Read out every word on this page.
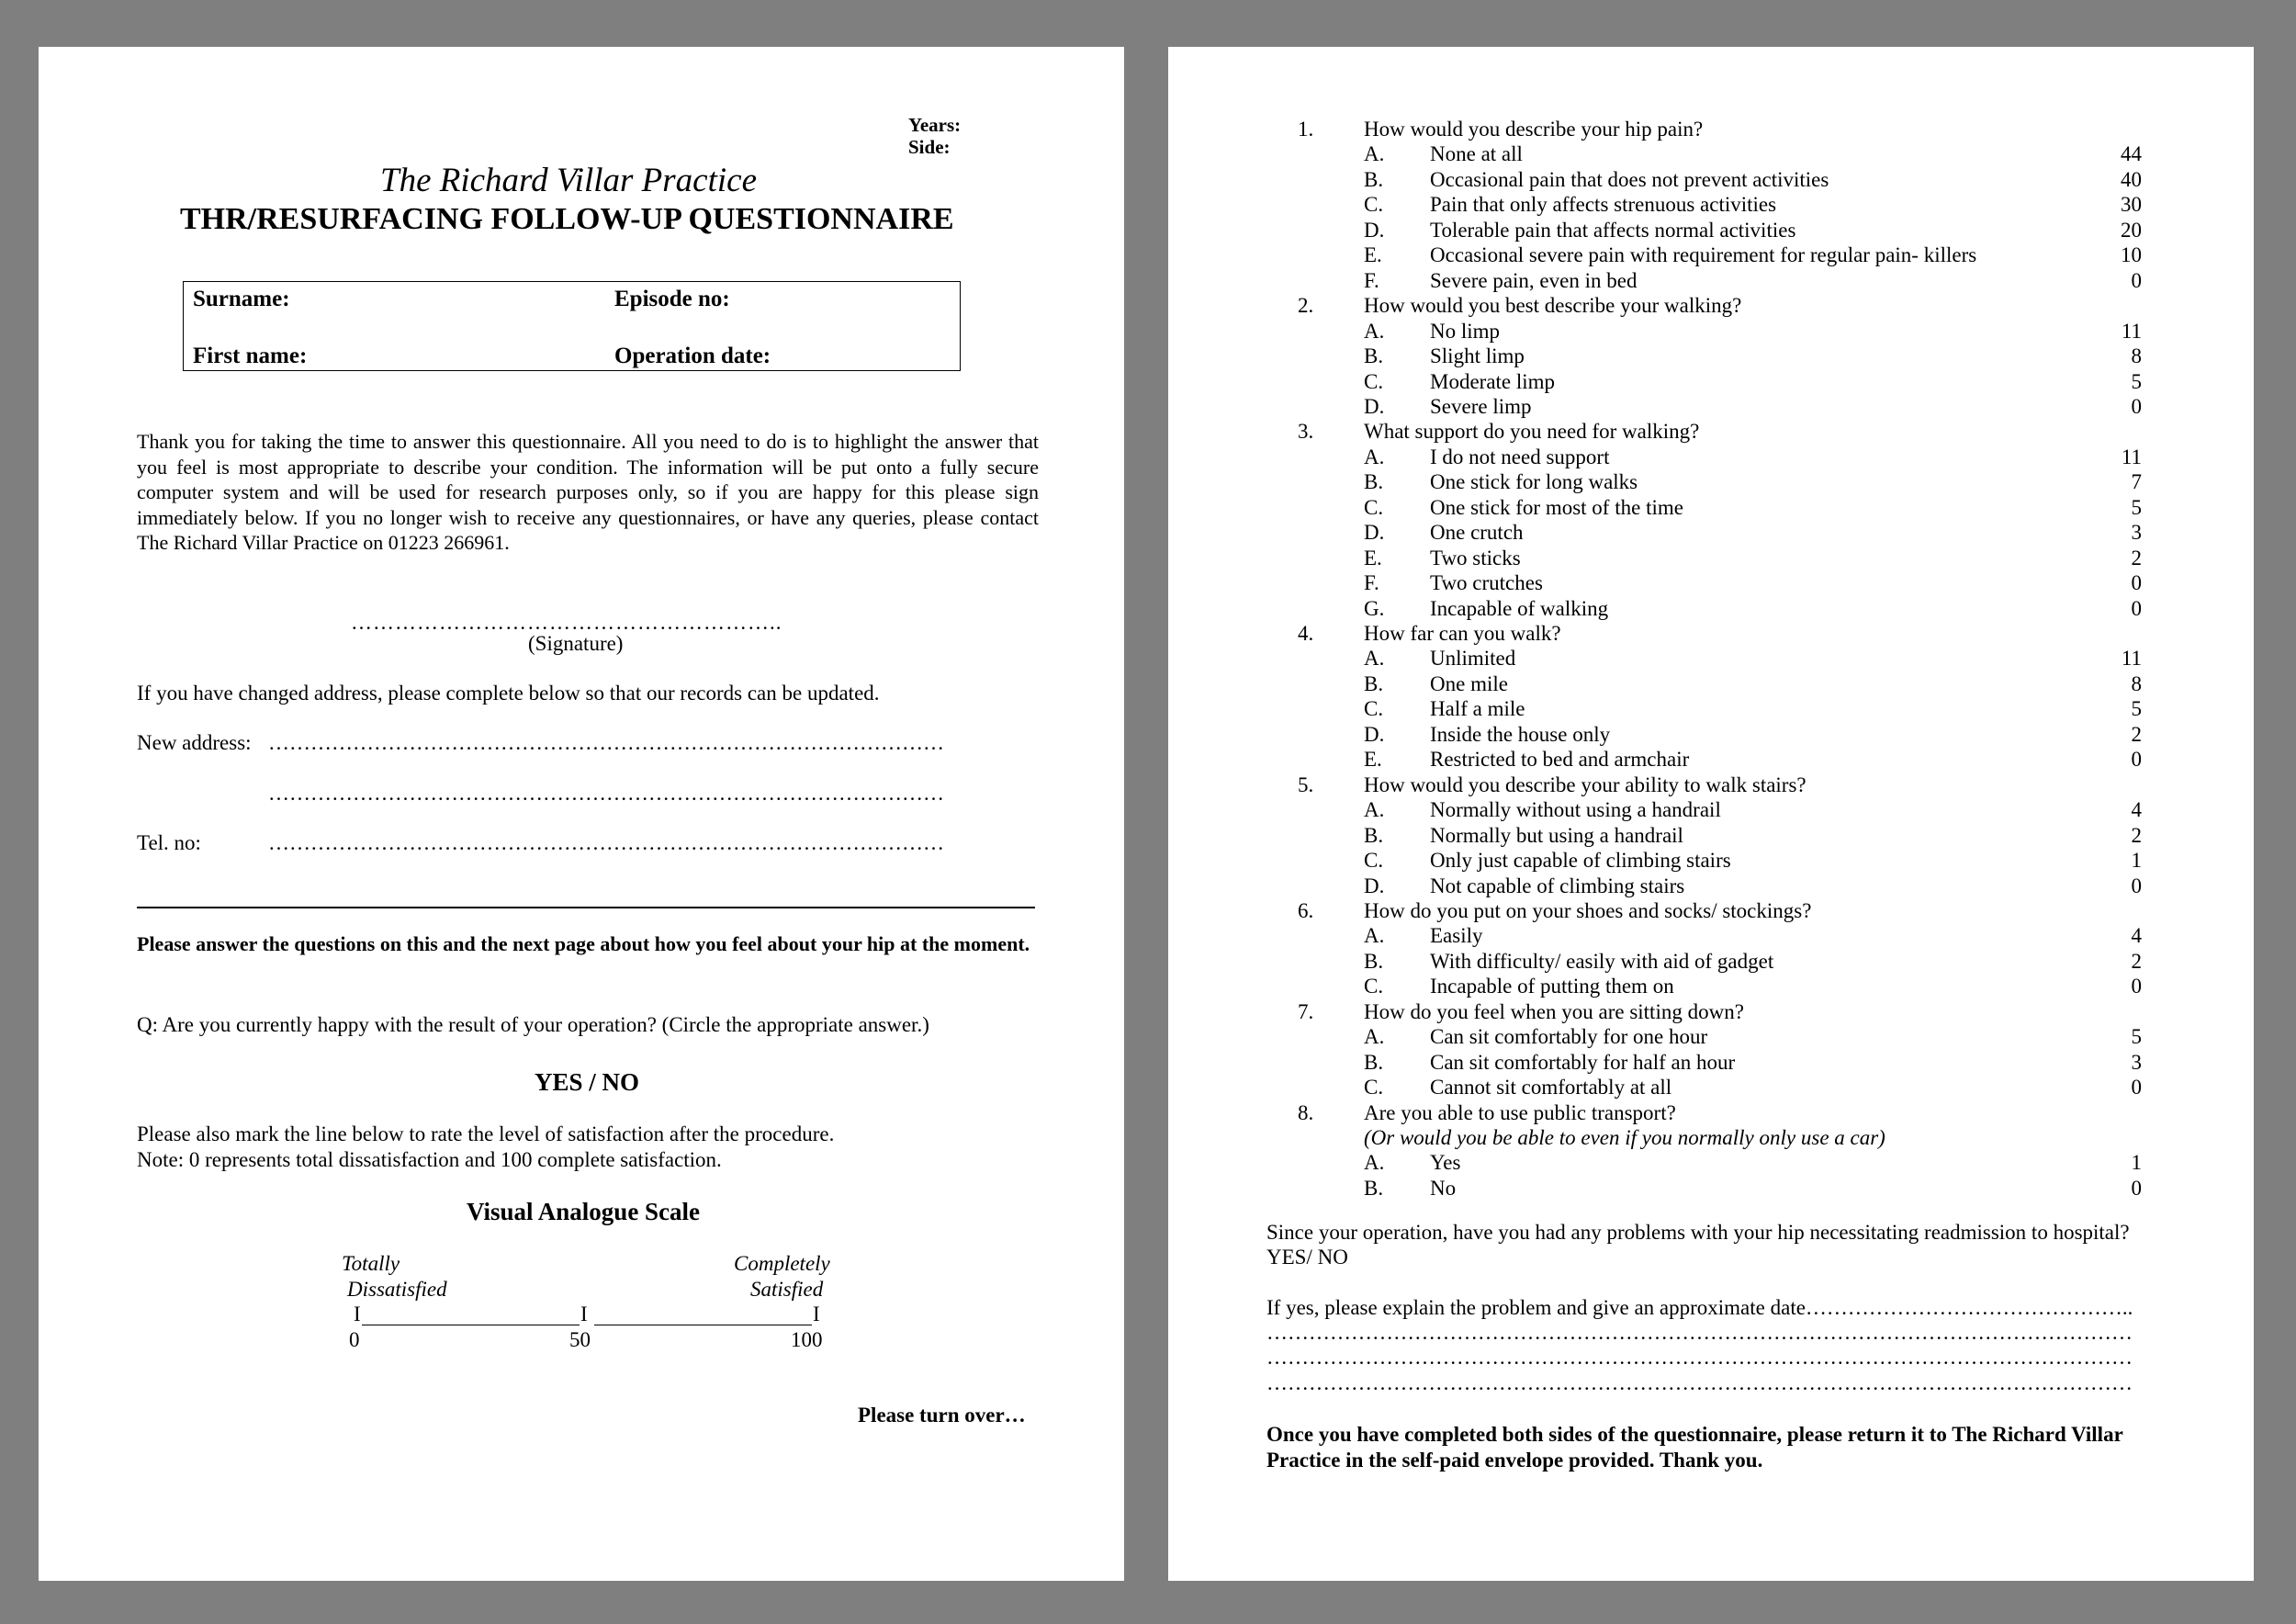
Years:
Side:
The Richard Villar Practice
THR/RESURFACING FOLLOW-UP QUESTIONNAIRE
Surname:	Episode no:
First name:	Operation date:
Thank you for taking the time to answer this questionnaire. All you need to do is to highlight the answer that you feel is most appropriate to describe your condition. The information will be put onto a fully secure computer system and will be used for research purposes only, so if you are happy for this please sign immediately below. If you no longer wish to receive any questionnaires, or have any queries, please contact The Richard Villar Practice on 01223 266961.
…………………………………………………..
(Signature)
If you have changed address, please complete below so that our records can be updated.
New address: ……………………………………………………………………………………
……………………………………………………………………………………
Tel. no:	……………………………………………………………………………………
Please answer the questions on this and the next page about how you feel about your hip at the moment.
Q: Are you currently happy with the result of your operation? (Circle the appropriate answer.)
YES / NO
Please also mark the line below to rate the level of satisfaction after the procedure.
Note: 0 represents total dissatisfaction and 100 complete satisfaction.
Visual Analogue Scale
Totally
Dissatisfied
Completely
Satisfied
I	I	I
0	50	100
Please turn over…
1. How would you describe your hip pain?
A. None at all	44
B. Occasional pain that does not prevent activities	40
C. Pain that only affects strenuous activities	30
D. Tolerable pain that affects normal activities	20
E. Occasional severe pain with requirement for regular pain- killers	10
F. Severe pain, even in bed	0
2. How would you best describe your walking?
A. No limp	11
B. Slight limp	8
C. Moderate limp	5
D. Severe limp	0
3. What support do you need for walking?
A. I do not need support	11
B. One stick for long walks	7
C. One stick for most of the time	5
D. One crutch	3
E. Two sticks	2
F. Two crutches	0
G. Incapable of walking	0
4. How far can you walk?
A. Unlimited	11
B. One mile	8
C. Half a mile	5
D. Inside the house only	2
E. Restricted to bed and armchair	0
5. How would you describe your ability to walk stairs?
A. Normally without using a handrail	4
B. Normally but using a handrail	2
C. Only just capable of climbing stairs	1
D. Not capable of climbing stairs	0
6. How do you put on your shoes and socks/ stockings?
A. Easily	4
B. With difficulty/ easily with aid of gadget	2
C. Incapable of putting them on	0
7. How do you feel when you are sitting down?
A. Can sit comfortably for one hour	5
B. Can sit comfortably for half an hour	3
C. Cannot sit comfortably at all	0
8. Are you able to use public transport?
(Or would you be able to even if you normally only use a car)
A. Yes	1
B. No	0
Since your operation, have you had any problems with your hip necessitating readmission to hospital?
YES/ NO
If yes, please explain the problem and give an approximate date………………………………………..
……………………………………………………………………………………………………………
……………………………………………………………………………………………………………
……………………………………………………………………………………………………………
Once you have completed both sides of the questionnaire, please return it to The Richard Villar Practice in the self-paid envelope provided. Thank you.
